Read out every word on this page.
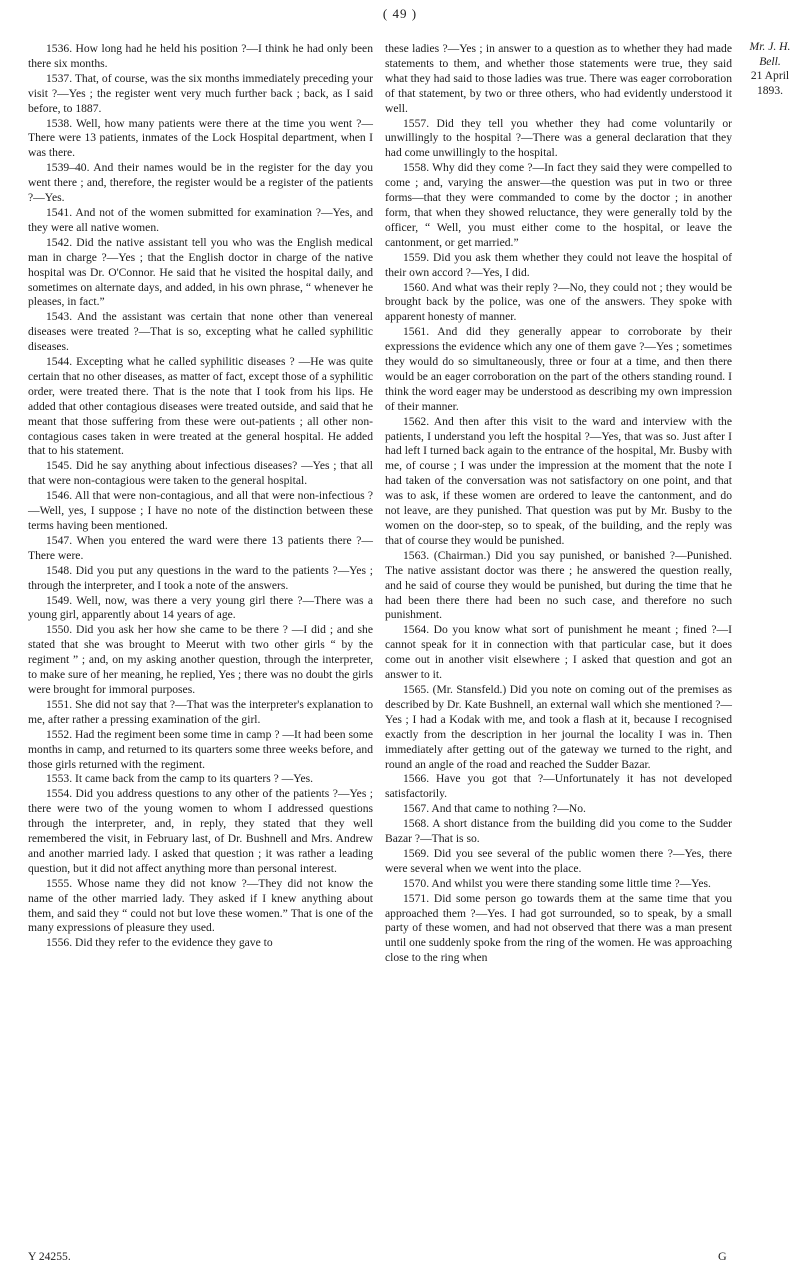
( 49 )

1536. How long had he held his position ?—I think he had only been there six months.

1537. That, of course, was the six months immediately preceding your visit ?—Yes ; the register went very much further back ; back, as I said before, to 1887.

1538. Well, how many patients were there at the time you went ?—There were 13 patients, inmates of the Lock Hospital department, when I was there.

1539–40. And their names would be in the register for the day you went there ; and, therefore, the register would be a register of the patients ?—Yes.

1541. And not of the women submitted for examination ?—Yes, and they were all native women.

1542. Did the native assistant tell you who was the English medical man in charge ?—Yes ; that the English doctor in charge of the native hospital was Dr. O'Connor. He said that he visited the hospital daily, and sometimes on alternate days, and added, in his own phrase, “ whenever he pleases, in fact.”

1543. And the assistant was certain that none other than venereal diseases were treated ?—That is so, excepting what he called syphilitic diseases.

1544. Excepting what he called syphilitic diseases ? —He was quite certain that no other diseases, as matter of fact, except those of a syphilitic order, were treated there. That is the note that I took from his lips. He added that other contagious diseases were treated outside, and said that he meant that those suffering from these were out-patients ; all other non-contagious cases taken in were treated at the general hospital. He added that to his statement.

1545. Did he say anything about infectious diseases? —Yes ; that all that were non-contagious were taken to the general hospital.

1546. All that were non-contagious, and all that were non-infectious ?—Well, yes, I suppose ; I have no note of the distinction between these terms having been mentioned.

1547. When you entered the ward were there 13 patients there ?—There were.

1548. Did you put any questions in the ward to the patients ?—Yes ; through the interpreter, and I took a note of the answers.

1549. Well, now, was there a very young girl there ?—There was a young girl, apparently about 14 years of age.

1550. Did you ask her how she came to be there ? —I did ; and she stated that she was brought to Meerut with two other girls “ by the regiment ” ; and, on my asking another question, through the interpreter, to make sure of her meaning, he replied, Yes ; there was no doubt the girls were brought for immoral purposes.

1551. She did not say that ?—That was the interpreter's explanation to me, after rather a pressing examination of the girl.

1552. Had the regiment been some time in camp ? —It had been some months in camp, and returned to its quarters some three weeks before, and those girls returned with the regiment.

1553. It came back from the camp to its quarters ? —Yes.

1554. Did you address questions to any other of the patients ?—Yes ; there were two of the young women to whom I addressed questions through the interpreter, and, in reply, they stated that they well remembered the visit, in February last, of Dr. Bushnell and Mrs. Andrew and another married lady. I asked that question ; it was rather a leading question, but it did not affect anything more than personal interest.

1555. Whose name they did not know ?—They did not know the name of the other married lady. They asked if I knew anything about them, and said they “ could not but love these women.” That is one of the many expressions of pleasure they used.

1556. Did they refer to the evidence they gave to

these ladies ?—Yes ; in answer to a question as to whether they had made statements to them, and whether those statements were true, they said what they had said to those ladies was true. There was eager corroboration of that statement, by two or three others, who had evidently understood it well.

1557. Did they tell you whether they had come voluntarily or unwillingly to the hospital ?—There was a general declaration that they had come unwillingly to the hospital.

1558. Why did they come ?—In fact they said they were compelled to come ; and, varying the answer—the question was put in two or three forms—that they were commanded to come by the doctor ; in another form, that when they showed reluctance, they were generally told by the officer, “ Well, you must either come to the hospital, or leave the cantonment, or get married.”

1559. Did you ask them whether they could not leave the hospital of their own accord ?—Yes, I did.

1560. And what was their reply ?—No, they could not ; they would be brought back by the police, was one of the answers. They spoke with apparent honesty of manner.

1561. And did they generally appear to corroborate by their expressions the evidence which any one of them gave ?—Yes ; sometimes they would do so simultaneously, three or four at a time, and then there would be an eager corroboration on the part of the others standing round. I think the word eager may be understood as describing my own impression of their manner.

1562. And then after this visit to the ward and interview with the patients, I understand you left the hospital ?—Yes, that was so. Just after I had left I turned back again to the entrance of the hospital, Mr. Busby with me, of course ; I was under the impression at the moment that the note I had taken of the conversation was not satisfactory on one point, and that was to ask, if these women are ordered to leave the cantonment, and do not leave, are they punished. That question was put by Mr. Busby to the women on the door-step, so to speak, of the building, and the reply was that of course they would be punished.

1563. (Chairman.) Did you say punished, or banished ?—Punished. The native assistant doctor was there ; he answered the question really, and he said of course they would be punished, but during the time that he had been there there had been no such case, and therefore no such punishment.

1564. Do you know what sort of punishment he meant ; fined ?—I cannot speak for it in connection with that particular case, but it does come out in another visit elsewhere ; I asked that question and got an answer to it.

1565. (Mr. Stansfeld.) Did you note on coming out of the premises as described by Dr. Kate Bushnell, an external wall which she mentioned ?—Yes ; I had a Kodak with me, and took a flash at it, because I recognised exactly from the description in her journal the locality I was in. Then immediately after getting out of the gateway we turned to the right, and round an angle of the road and reached the Sudder Bazar.

1566. Have you got that ?—Unfortunately it has not developed satisfactorily.

1567. And that came to nothing ?—No.

1568. A short distance from the building did you come to the Sudder Bazar ?—That is so.

1569. Did you see several of the public women there ?—Yes, there were several when we went into the place.

1570. And whilst you were there standing some little time ?—Yes.

1571. Did some person go towards them at the same time that you approached them ?—Yes. I had got surrounded, so to speak, by a small party of these women, and had not observed that there was a man present until one suddenly spoke from the ring of the women. He was approaching close to the ring when

Mr. J. H.
Bell.
21 April 1893.
Y 24255.	G
